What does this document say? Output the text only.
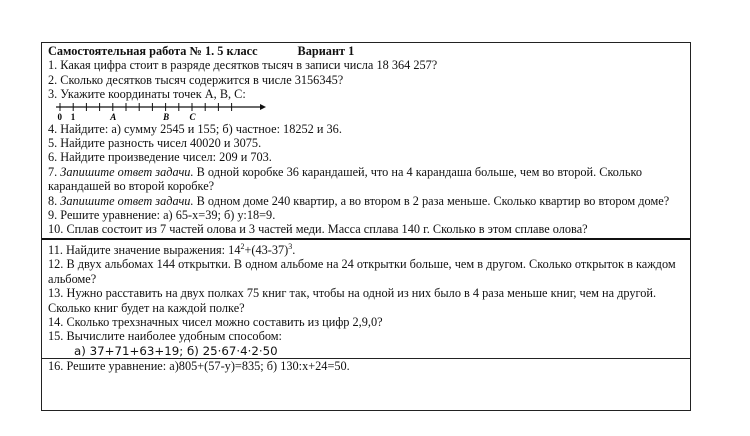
Самостоятельная работа № 1. 5 класс	Вариант 1
1. Какая цифра стоит в разряде десятков тысяч в записи числа 18 364 257?
2. Сколько десятков тысяч содержится в числе 3156345?
3. Укажите координаты точек А, В, С:
0 1	А	В С
4. Найдите: а) сумму 2545 и 155; б) частное: 18252 и 36.
5. Найдите разность чисел 40020 и 3075.
6. Найдите произведение чисел: 209 и 703.
7. Запишите ответ задачи. В одной коробке 36 карандашей, что на 4 карандаша больше, чем во второй. Сколько карандашей во второй коробке?
8. Запишите ответ задачи. В одном доме 240 квартир, а во втором в 2 раза меньше. Сколько квартир во втором доме?
9. Решите уравнение: а) 65-х=39; б) у:18=9.
10. Сплав состоит из 7 частей олова и 3 частей меди. Масса сплава 140 г. Сколько в этом сплаве олова?
11. Найдите значение выражения: $14^2+(43-37)^3$.
12. В двух альбомах 144 открытки. В одном альбоме на 24 открытки больше, чем в другом. Сколько открыток в каждом альбоме?
13. Нужно расставить на двух полках 75 книг так, чтобы на одной из них было в 4 раза меньше книг, чем на другой. Сколько книг будет на каждой полке?
14. Сколько трехзначных чисел можно составить из цифр 2,9,0?
15. Вычислите наиболее удобным способом:
а) 37+71+63+19; б) 25·67·4·2·50
16. Решите уравнение: а)805+(57-у)=835; б) 130:х+24=50.
